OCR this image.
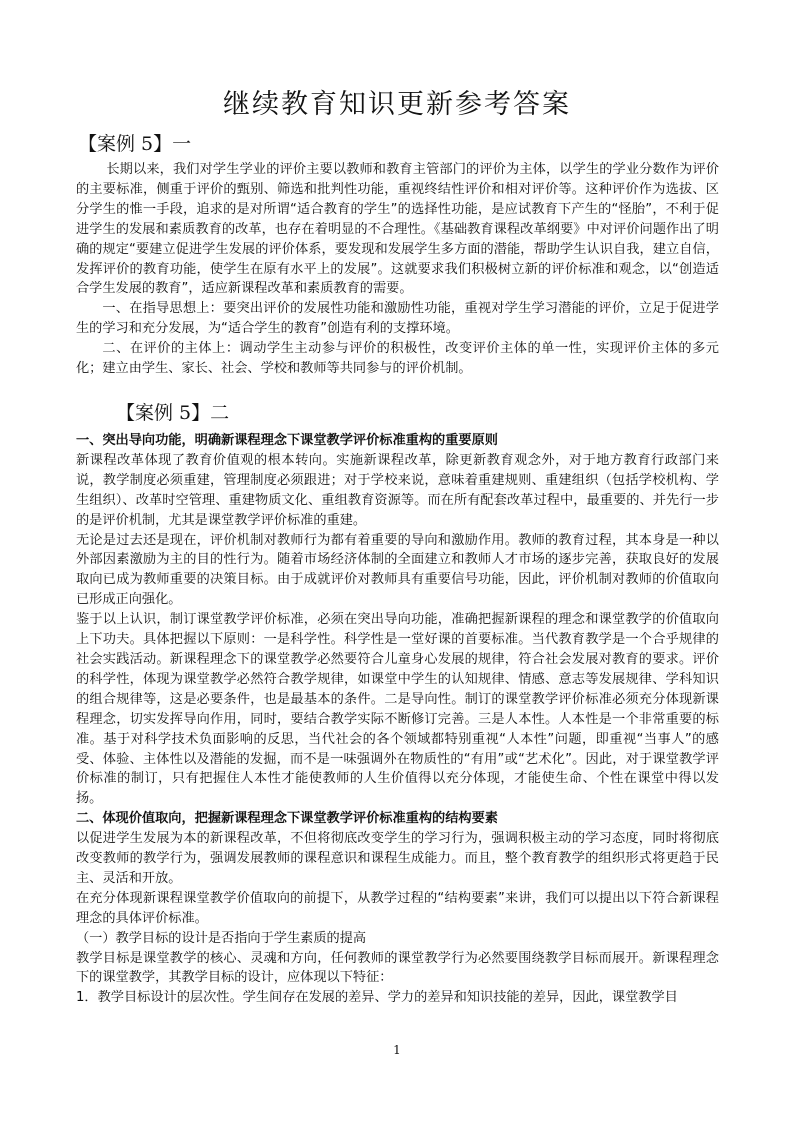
继续教育知识更新参考答案
【案例 5】一

长期以来，我们对学生学业的评价主要以教师和教育主管部门的评价为主体，以学生的学业分数作为评价的主要标准，侧重于评价的甄别、筛选和批判性功能，重视终结性评价和相对评价等。这种评价作为选拔、区分学生的惟一手段，追求的是对所谓“适合教育的学生”的选择性功能，是应试教育下产生的“怪胎”，不利于促进学生的发展和素质教育的改革，也存在着明显的不合理性。《基础教育课程改革纲要》中对评价问题作出了明确的规定“要建立促进学生发展的评价体系，要发现和发展学生多方面的潜能，帮助学生认识自我，建立自信，发挥评价的教育功能，使学生在原有水平上的发展”。这就要求我们积极树立新的评价标准和观念，以“创造适合学生发展的教育”，适应新课程改革和素质教育的需要。

一、在指导思想上：要突出评价的发展性功能和激励性功能，重视对学生学习潜能的评价，立足于促进学生的学习和充分发展，为“适合学生的教育”创造有利的支撑环境。

二、在评价的主体上：调动学生主动参与评价的积极性，改变评价主体的单一性，实现评价主体的多元化；建立由学生、家长、社会、学校和教师等共同参与的评价机制。

【案例 5】二

一、突出导向功能，明确新课程理念下课堂教学评价标准重构的重要原则

新课程改革体现了教育价值观的根本转向。实施新课程改革，除更新教育观念外，对于地方教育行政部门来说，教学制度必须重建，管理制度必须跟进；对于学校来说，意味着重建规则、重建组织（包括学校机构、学生组织）、改革时空管理、重建物质文化、重组教育资源等。而在所有配套改革过程中，最重要的、并先行一步的是评价机制，尤其是课堂教学评价标准的重建。

无论是过去还是现在，评价机制对教师行为都有着重要的导向和激励作用。教师的教育过程，其本身是一种以外部因素激励为主的目的性行为。随着市场经济体制的全面建立和教师人才市场的逐步完善，获取良好的发展取向已成为教师重要的决策目标。由于成就评价对教师具有重要信号功能，因此，评价机制对教师的价值取向已形成正向强化。

鉴于以上认识，制订课堂教学评价标准，必须在突出导向功能，准确把握新课程的理念和课堂教学的价值取向上下功夫。具体把握以下原则：一是科学性。科学性是一堂好课的首要标准。当代教育教学是一个合乎规律的社会实践活动。新课程理念下的课堂教学必然要符合儿童身心发展的规律，符合社会发展对教育的要求。评价的科学性，体现为课堂教学必然符合教学规律，如课堂中学生的认知规律、情感、意志等发展规律、学科知识的组合规律等，这是必要条件，也是最基本的条件。二是导向性。制订的课堂教学评价标准必须充分体现新课程理念，切实发挥导向作用，同时，要结合教学实际不断修订完善。三是人本性。人本性是一个非常重要的标准。基于对科学技术负面影响的反思，当代社会的各个领域都特别重视“人本性”问题，即重视“当事人”的感受、体验、主体性以及潜能的发掘，而不是一味强调外在物质性的“有用”或“艺术化”。因此，对于课堂教学评价标准的制订，只有把握住人本性才能使教师的人生价值得以充分体现，才能使生命、个性在课堂中得以发扬。

二、体现价值取向，把握新课程理念下课堂教学评价标准重构的结构要素

以促进学生发展为本的新课程改革，不但将彻底改变学生的学习行为，强调积极主动的学习态度，同时将彻底改变教师的教学行为，强调发展教师的课程意识和课程生成能力。而且，整个教育教学的组织形式将更趋于民主、灵活和开放。

在充分体现新课程课堂教学价值取向的前提下，从教学过程的“结构要素”来讲，我们可以提出以下符合新课程理念的具体评价标准。

（一）教学目标的设计是否指向于学生素质的提高

教学目标是课堂教学的核心、灵魂和方向，任何教师的课堂教学行为必然要围绕教学目标而展开。新课程理念下的课堂教学，其教学目标的设计，应体现以下特征：

1．教学目标设计的层次性。学生间存在发展的差异、学力的差异和知识技能的差异，因此，课堂教学目

1
